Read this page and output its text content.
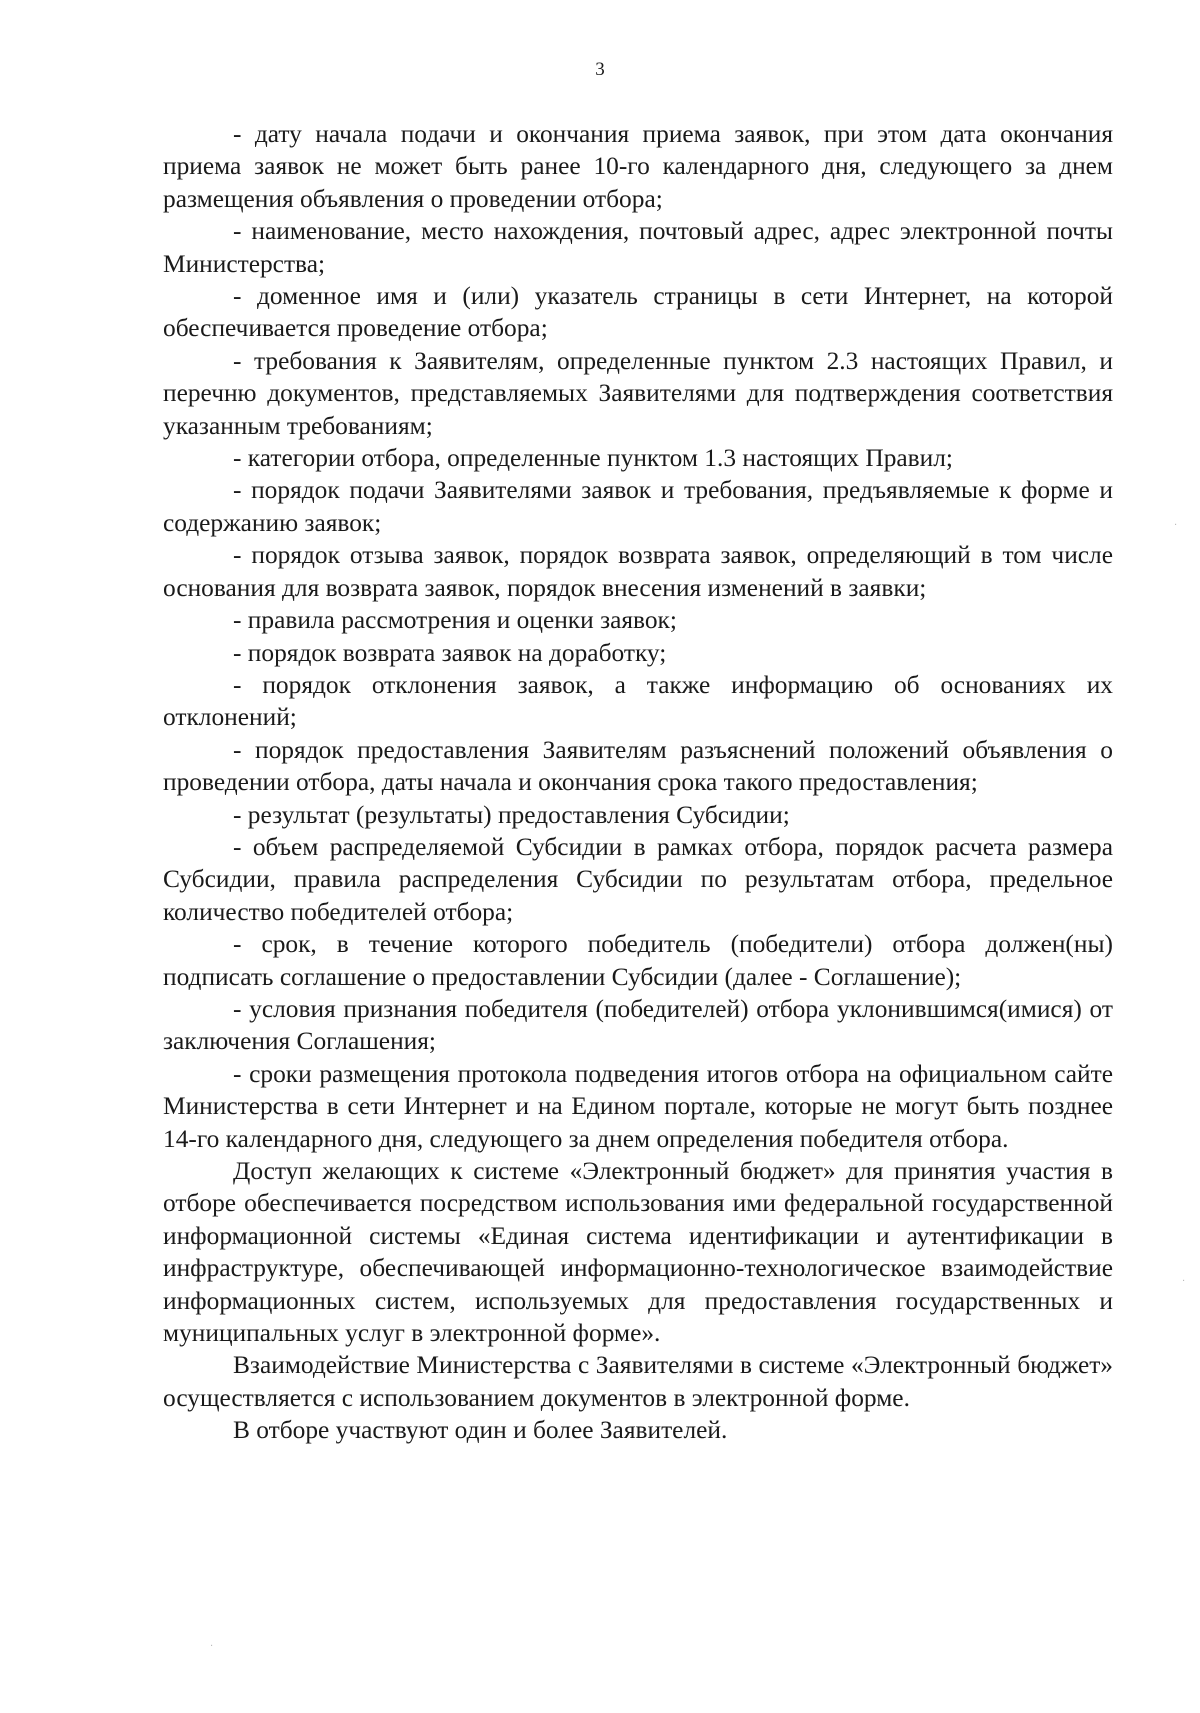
3

- дату начала подачи и окончания приема заявок, при этом дата окончания приема заявок не может быть ранее 10-го календарного дня, следующего за днем размещения объявления о проведении отбора;

- наименование, место нахождения, почтовый адрес, адрес электронной почты Министерства;

- доменное имя и (или) указатель страницы в сети Интернет, на которой обеспечивается проведение отбора;

- требования к Заявителям, определенные пунктом 2.3 настоящих Правил, и перечню документов, представляемых Заявителями для подтверждения соответствия указанным требованиям;

- категории отбора, определенные пунктом 1.3 настоящих Правил;

- порядок подачи Заявителями заявок и требования, предъявляемые к форме и содержанию заявок;

- порядок отзыва заявок, порядок возврата заявок, определяющий в том числе основания для возврата заявок, порядок внесения изменений в заявки;

- правила рассмотрения и оценки заявок;

- порядок возврата заявок на доработку;

- порядок отклонения заявок, а также информацию об основаниях их отклонений;

- порядок предоставления Заявителям разъяснений положений объявления о проведении отбора, даты начала и окончания срока такого предоставления;

- результат (результаты) предоставления Субсидии;

- объем распределяемой Субсидии в рамках отбора, порядок расчета размера Субсидии, правила распределения Субсидии по результатам отбора, предельное количество победителей отбора;

- срок, в течение которого победитель (победители) отбора должен(ны) подписать соглашение о предоставлении Субсидии (далее - Соглашение);

- условия признания победителя (победителей) отбора уклонившимся(имися) от заключения Соглашения;

- сроки размещения протокола подведения итогов отбора на официальном сайте Министерства в сети Интернет и на Едином портале, которые не могут быть позднее 14-го календарного дня, следующего за днем определения победителя отбора.

Доступ желающих к системе «Электронный бюджет» для принятия участия в отборе обеспечивается посредством использования ими федеральной государственной информационной системы «Единая система идентификации и аутентификации в инфраструктуре, обеспечивающей информационно-технологическое взаимодействие информационных систем, используемых для предоставления государственных и муниципальных услуг в электронной форме».

Взаимодействие Министерства с Заявителями в системе «Электронный бюджет» осуществляется с использованием документов в электронной форме.

В отборе участвуют один и более Заявителей.

·
·
·
